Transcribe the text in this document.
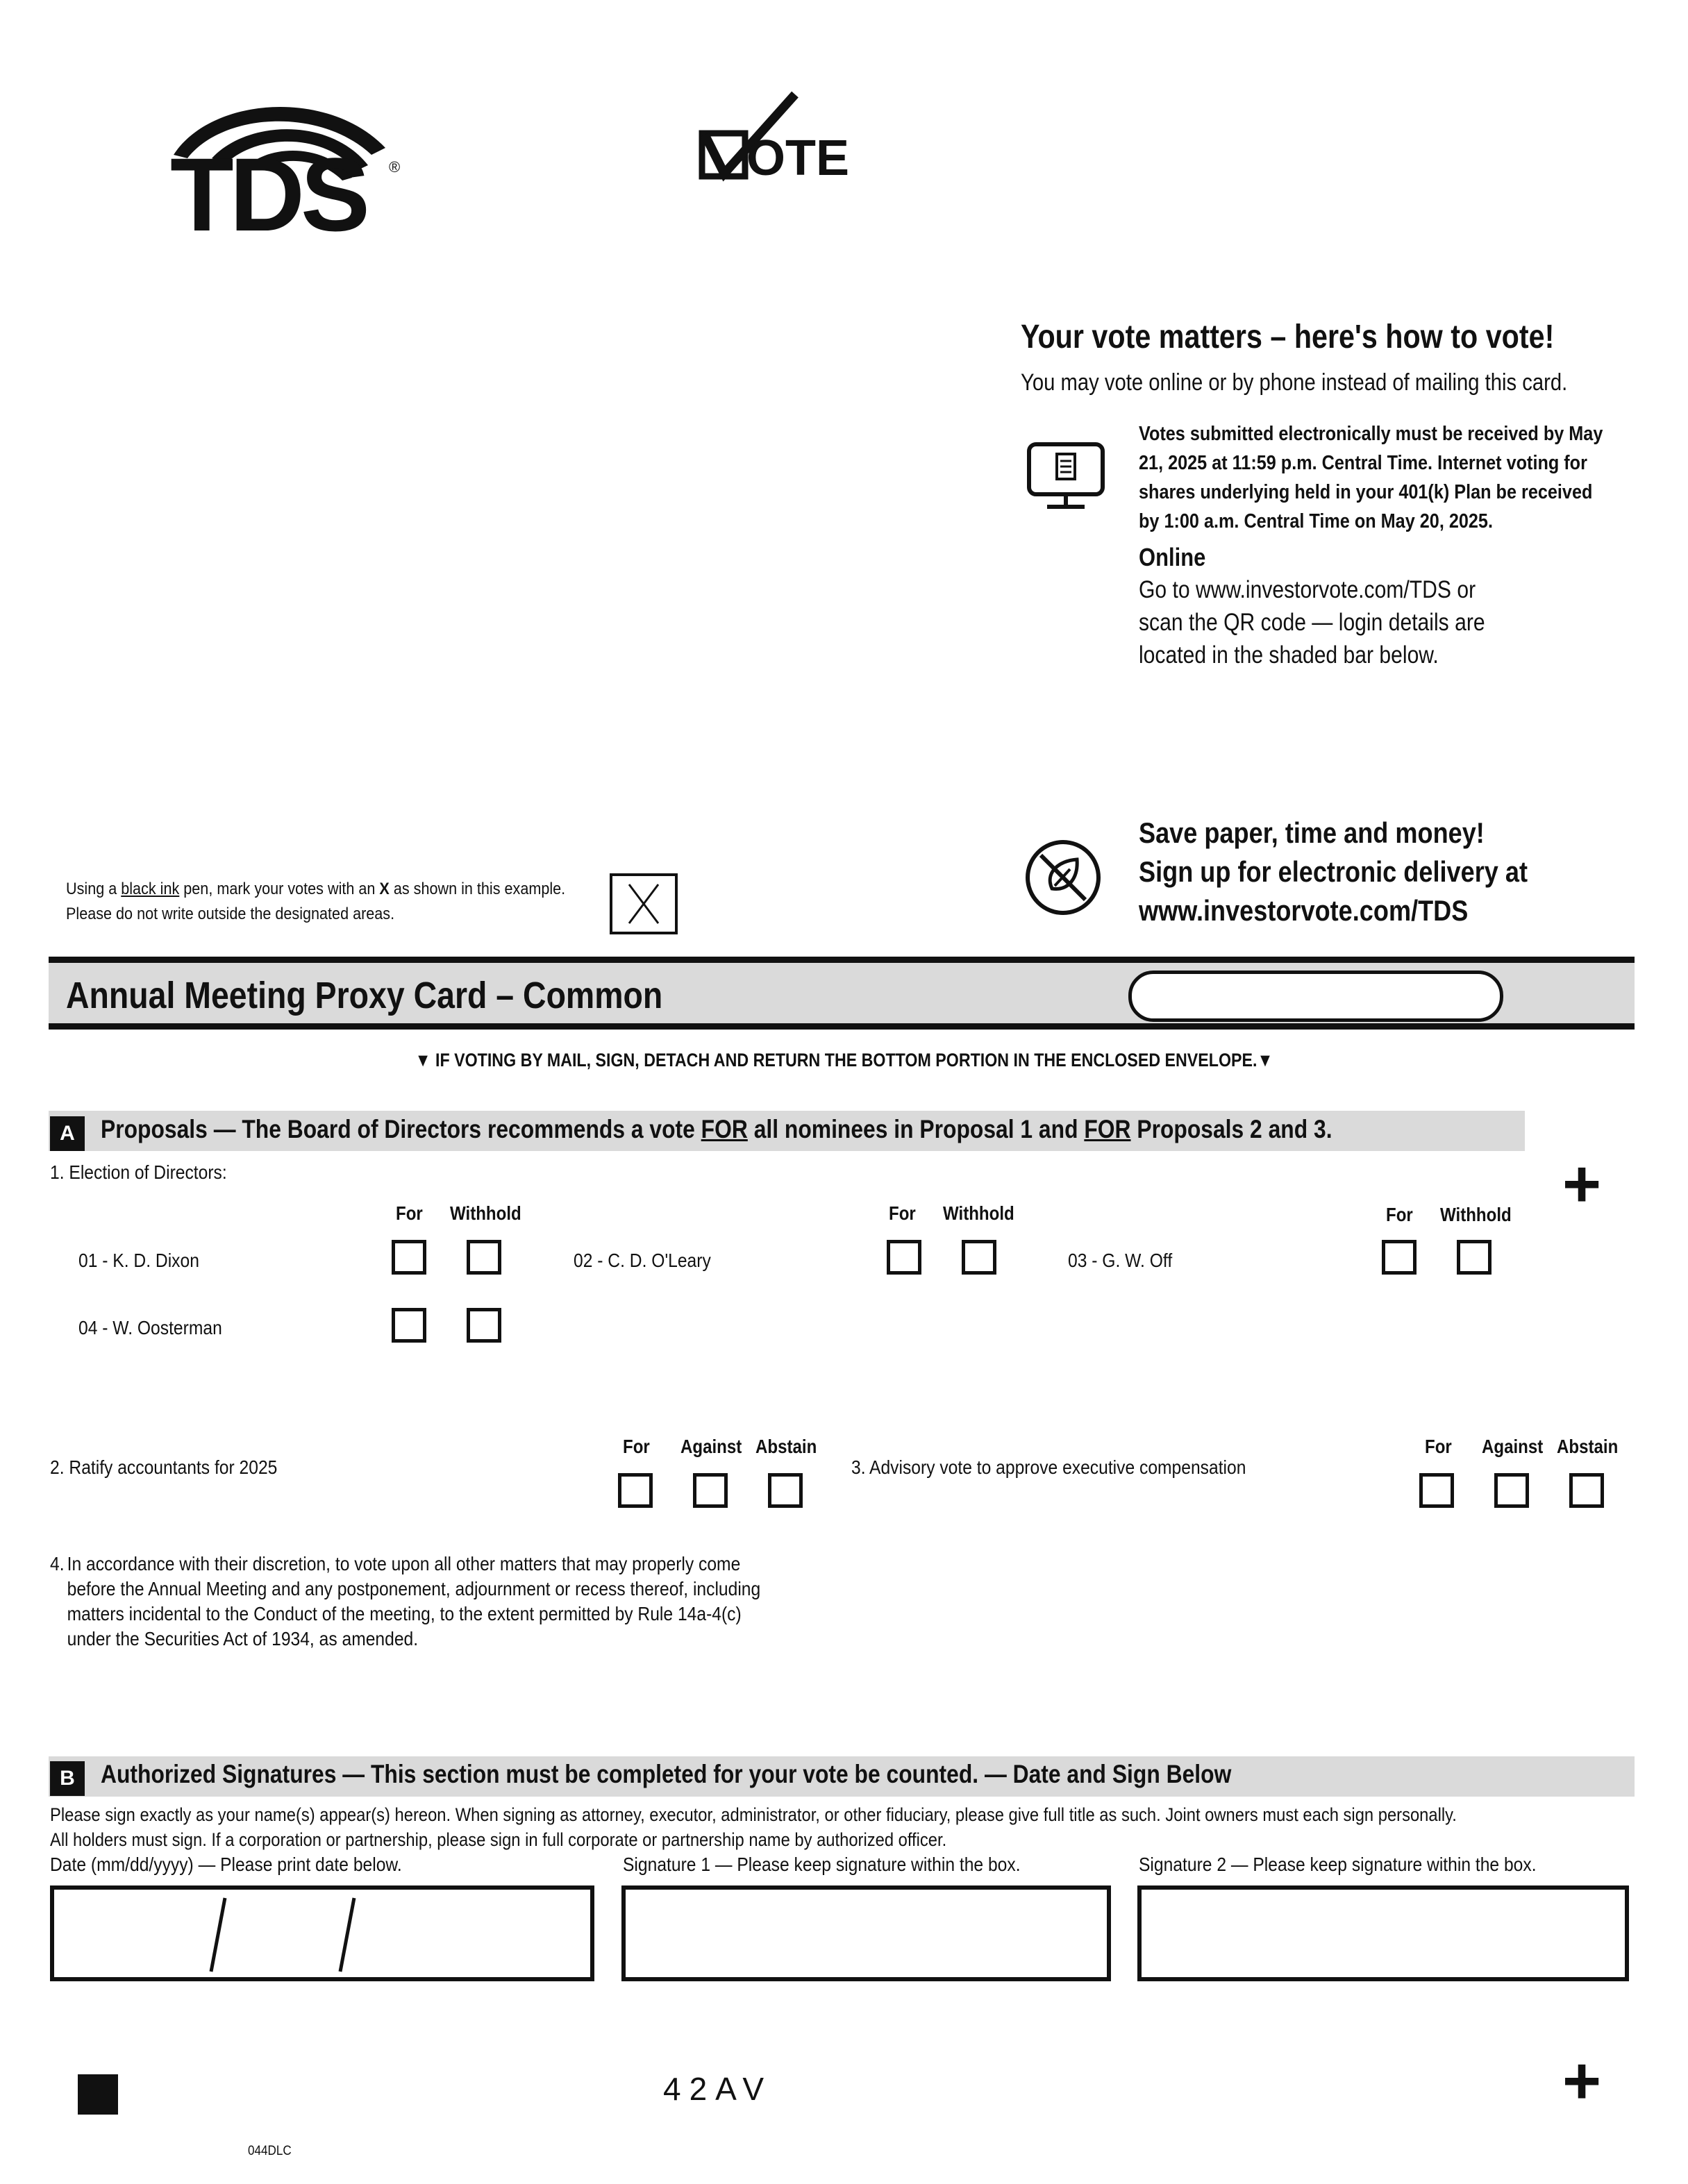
TDS ®	OTE
Your vote matters – here's how to vote!
You may vote online or by phone instead of mailing this card.
Votes submitted electronically must be received by May 21, 2025 at 11:59 p.m. Central Time. Internet voting for shares underlying held in your 401(k) Plan be received by 1:00 a.m. Central Time on May 20, 2025.
Online
Go to www.investorvote.com/TDS or scan the QR code — login details are located in the shaded bar below.
Save paper, time and money!
Sign up for electronic delivery at
www.investorvote.com/TDS
Using a black ink pen, mark your votes with an X as shown in this example.
Please do not write outside the designated areas.
Annual Meeting Proxy Card – Common
▼ IF VOTING BY MAIL, SIGN, DETACH AND RETURN THE BOTTOM PORTION IN THE ENCLOSED ENVELOPE.▼
A	Proposals — The Board of Directors recommends a vote FOR all nominees in Proposal 1 and FOR Proposals 2 and 3.
1. Election of Directors:	+
For Withhold	For Withhold	For Withhold
01 - K. D. Dixon	02 - C. D. O'Leary	03 - G. W. Off
04 - W. Oosterman
2. Ratify accountants for 2025
For Against Abstain
3. Advisory vote to approve executive compensation
For Against Abstain
4. In accordance with their discretion, to vote upon all other matters that may properly come before the Annual Meeting and any postponement, adjournment or recess thereof, including matters incidental to the Conduct of the meeting, to the extent permitted by Rule 14a-4(c) under the Securities Act of 1934, as amended.
B	Authorized Signatures — This section must be completed for your vote be counted. — Date and Sign Below
Please sign exactly as your name(s) appear(s) hereon. When signing as attorney, executor, administrator, or other fiduciary, please give full title as such. Joint owners must each sign personally.
All holders must sign. If a corporation or partnership, please sign in full corporate or partnership name by authorized officer.
Date (mm/dd/yyyy) — Please print date below.	Signature 1 — Please keep signature within the box.	Signature 2 — Please keep signature within the box.
42AV	+
044DLC
